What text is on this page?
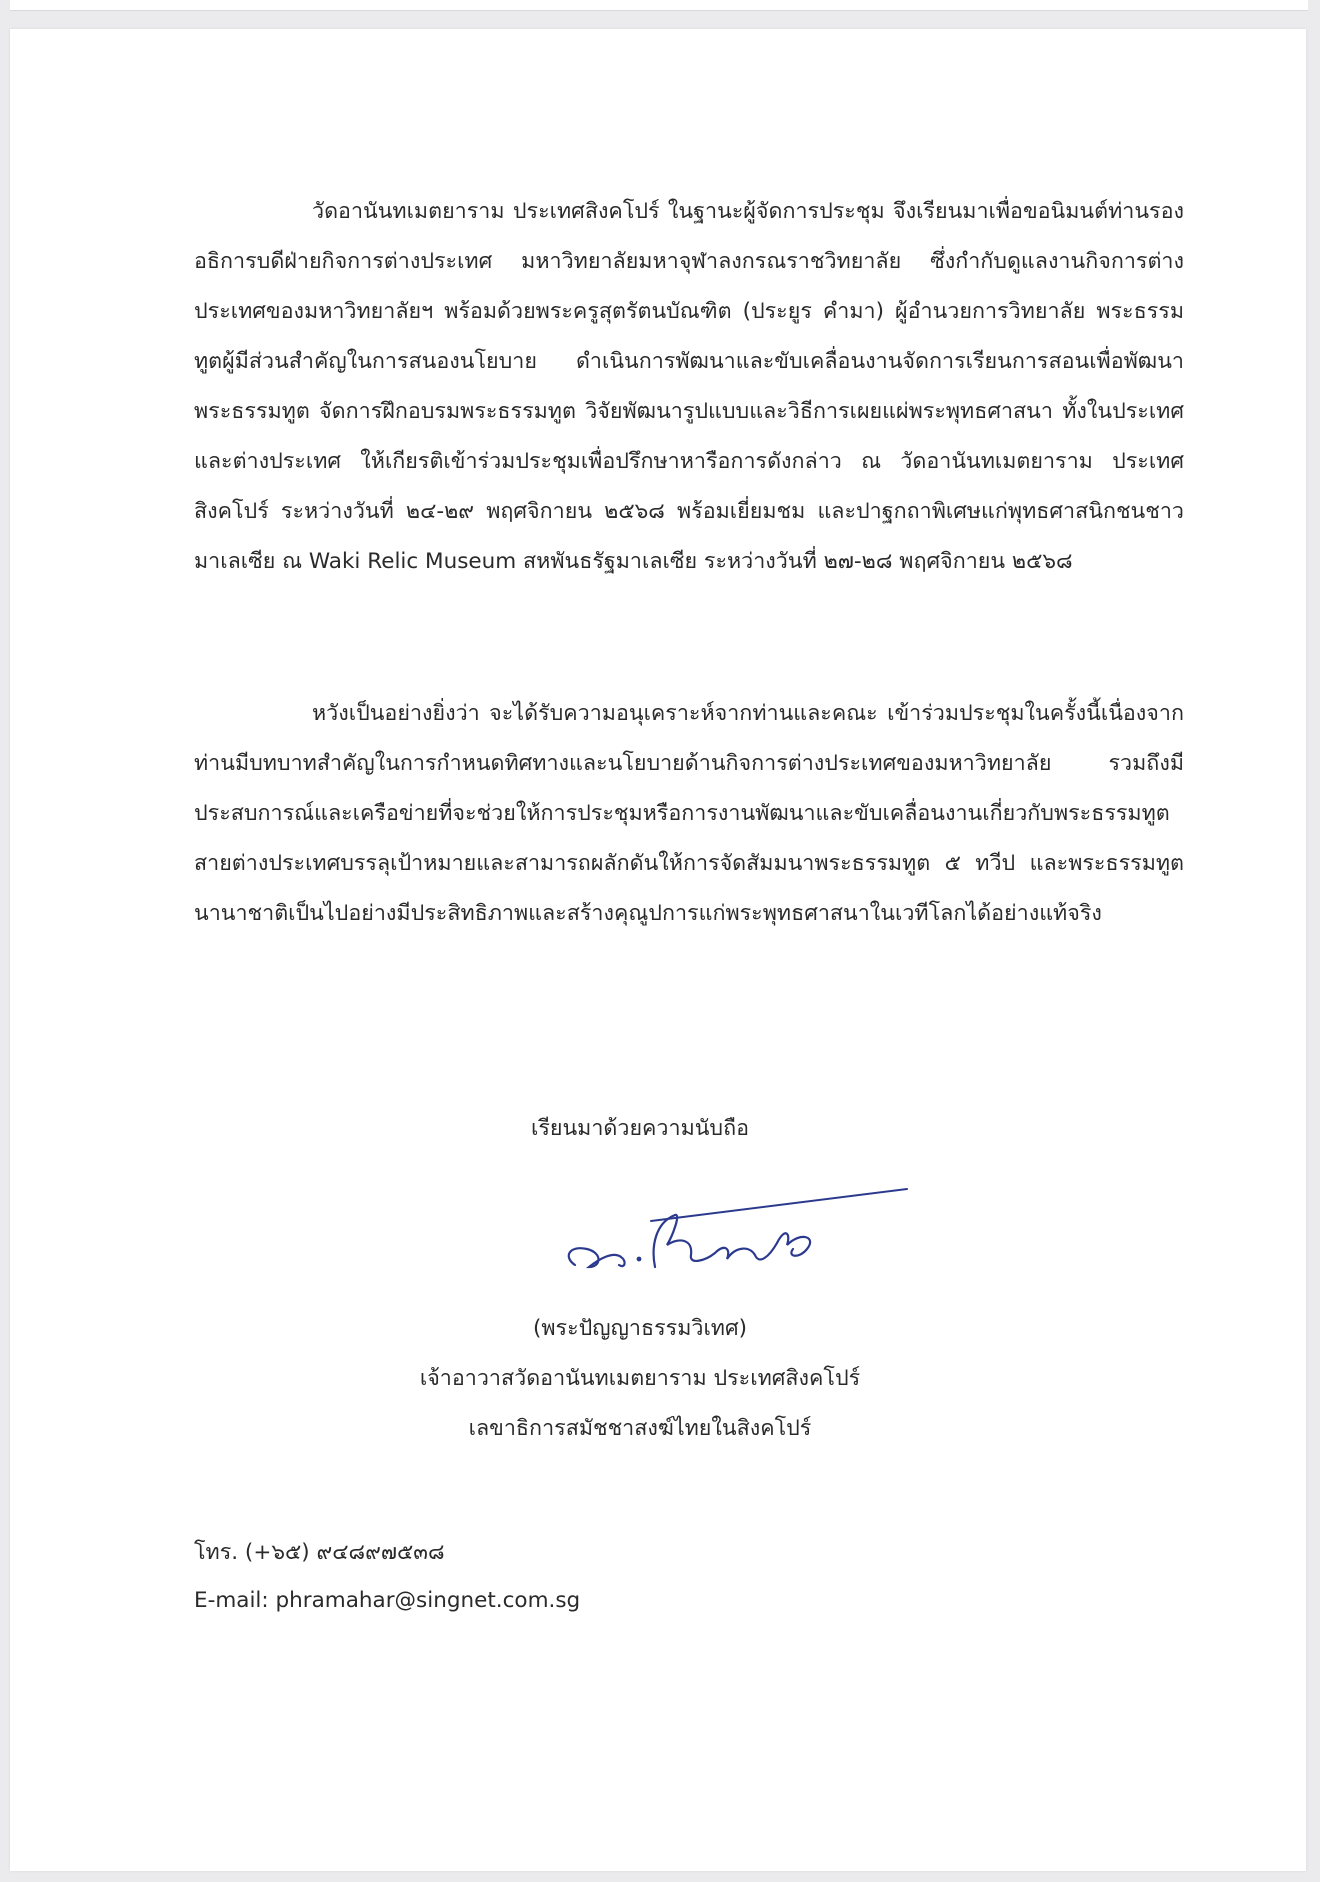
วัดอานันทเมตยาราม ประเทศสิงคโปร์ ในฐานะผู้จัดการประชุม จึงเรียนมาเพื่อขอนิมนต์ท่านรองอธิการบดีฝ่ายกิจการต่างประเทศ มหาวิทยาลัยมหาจุฬาลงกรณราชวิทยาลัย ซึ่งกำกับดูแลงานกิจการต่างประเทศของมหาวิทยาลัยฯ พร้อมด้วยพระครูสุตรัตนบัณฑิต (ประยูร คำมา) ผู้อำนวยการวิทยาลัย พระธรรมทูตผู้มีส่วนสำคัญในการสนองนโยบาย ดำเนินการพัฒนาและขับเคลื่อนงานจัดการเรียนการสอนเพื่อพัฒนาพระธรรมทูต จัดการฝึกอบรมพระธรรมทูต วิจัยพัฒนารูปแบบและวิธีการเผยแผ่พระพุทธศาสนา ทั้งในประเทศและต่างประเทศ ให้เกียรติเข้าร่วมประชุมเพื่อปรึกษาหารือการดังกล่าว ณ วัดอานันทเมตยาราม ประเทศสิงคโปร์ ระหว่างวันที่ ๒๔-๒๙ พฤศจิกายน ๒๕๖๘ พร้อมเยี่ยมชม และปาฐกถาพิเศษแก่พุทธศาสนิกชนชาวมาเลเซีย ณ Waki Relic Museum สหพันธรัฐมาเลเซีย ระหว่างวันที่ ๒๗-๒๘ พฤศจิกายน ๒๕๖๘

หวังเป็นอย่างยิ่งว่า จะได้รับความอนุเคราะห์จากท่านและคณะ เข้าร่วมประชุมในครั้งนี้เนื่องจากท่านมีบทบาทสำคัญในการกำหนดทิศทางและนโยบายด้านกิจการต่างประเทศของมหาวิทยาลัย รวมถึงมีประสบการณ์และเครือข่ายที่จะช่วยให้การประชุมหรือการงานพัฒนาและขับเคลื่อนงานเกี่ยวกับพระธรรมทูต สายต่างประเทศบรรลุเป้าหมายและสามารถผลักดันให้การจัดสัมมนาพระธรรมทูต ๕ ทวีป และพระธรรมทูตนานาชาติเป็นไปอย่างมีประสิทธิภาพและสร้างคุณูปการแก่พระพุทธศาสนาในเวทีโลกได้อย่างแท้จริง

เรียนมาด้วยความนับถือ
(พระปัญญาธรรมวิเทศ)
เจ้าอาวาสวัดอานันทเมตยาราม ประเทศสิงคโปร์
เลขาธิการสมัชชาสงฆ์ไทยในสิงคโปร์
โทร. (+๖๕) ๙๔๘๙๗๕๓๘
E-mail: phramahar@singnet.com.sg
